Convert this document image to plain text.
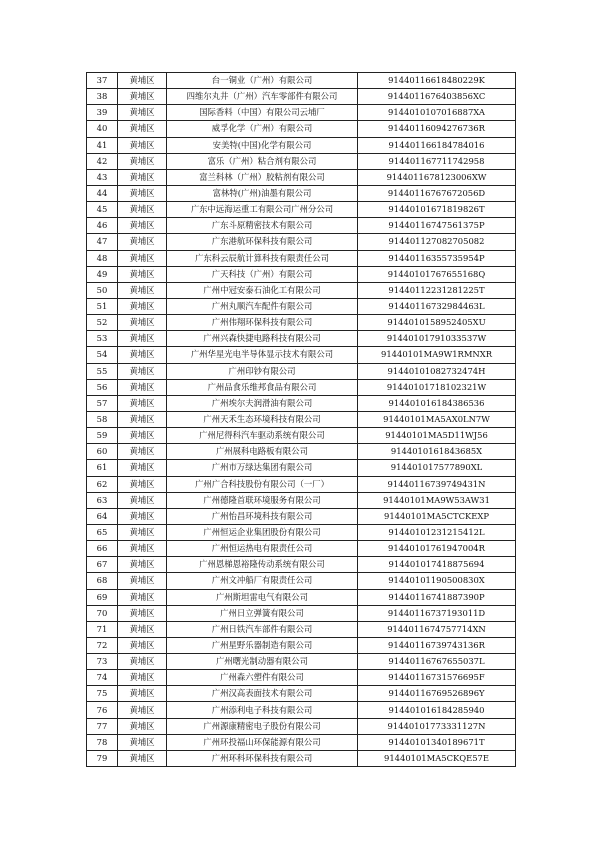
37	黄埔区	台一铜业（广州）有限公司	91440116618480229K
38	黄埔区	四维尔丸井（广州）汽车零部件有限公司	9144011676403856XC
39	黄埔区	国际香料（中国）有限公司云埔厂	9144010107016887XA
40	黄埔区	威孚化学（广州）有限公司	91440116094276736R
41	黄埔区	安美特(中国)化学有限公司	914401166184784016
42	黄埔区	富乐（广州）粘合剂有限公司	914401167711742958
43	黄埔区	富兰科林（广州）胶粘剂有限公司	9144011678123006XW
44	黄埔区	富林特(广州)油墨有限公司	91440116767672056D
45	黄埔区	广东中远海运重工有限公司广州分公司	91440101671819826T
46	黄埔区	广东斗原精密技术有限公司	91440116747561375P
47	黄埔区	广东港航环保科技有限公司	914401127082705082
48	黄埔区	广东科云辰航计算科技有限责任公司	91440116355735954P
49	黄埔区	广天科技（广州）有限公司	91440101767655168Q
50	黄埔区	广州中冠安泰石油化工有限公司	91440112231281225T
51	黄埔区	广州丸顺汽车配件有限公司	91440116732984463L
52	黄埔区	广州伟翔环保科技有限公司	9144010158952405XU
53	黄埔区	广州兴森快捷电路科技有限公司	91440101791033537W
54	黄埔区	广州华星光电半导体显示技术有限公司	91440101MA9W1RMNXR
55	黄埔区	广州印钞有限公司	91440101082732474H
56	黄埔区	广州品食乐维邦食品有限公司	91440101718102321W
57	黄埔区	广州埃尔夫润滑油有限公司	914401016184386536
58	黄埔区	广州天禾生态环境科技有限公司	91440101MA5AX0LN7W
59	黄埔区	广州尼得科汽车驱动系统有限公司	91440101MA5D11WJ56
60	黄埔区	广州展科电路板有限公司	9144010161843685X
61	黄埔区	广州市万绿达集团有限公司	914401017577890XL
62	黄埔区	广州广合科技股份有限公司（一厂）	91440116739749431N
63	黄埔区	广州德隆首联环境服务有限公司	91440101MA9W53AW31
64	黄埔区	广州怡昌环境科技有限公司	91440101MA5CTCKEXP
65	黄埔区	广州恒运企业集团股份有限公司	91440101231215412L
66	黄埔区	广州恒运热电有限责任公司	91440101761947004R
67	黄埔区	广州恩梯恩裕隆传动系统有限公司	914401017418875694
68	黄埔区	广州文冲船厂有限责任公司	91440101190500830X
69	黄埔区	广州斯坦雷电气有限公司	91440116741887390P
70	黄埔区	广州日立弹簧有限公司	91440116737193011D
71	黄埔区	广州日铁汽车部件有限公司	9144011674757714XN
72	黄埔区	广州星野乐器制造有限公司	91440116739743136R
73	黄埔区	广州曙光制动器有限公司	91440116767655037L
74	黄埔区	广州森六塑件有限公司	91440116731576695F
75	黄埔区	广州汉高表面技术有限公司	91440116769526896Y
76	黄埔区	广州添利电子科技有限公司	914401016184285940
77	黄埔区	广州源康精密电子股份有限公司	91440101773331127N
78	黄埔区	广州环投福山环保能源有限公司	91440101340189671T
79	黄埔区	广州环科环保科技有限公司	91440101MA5CKQE57E
